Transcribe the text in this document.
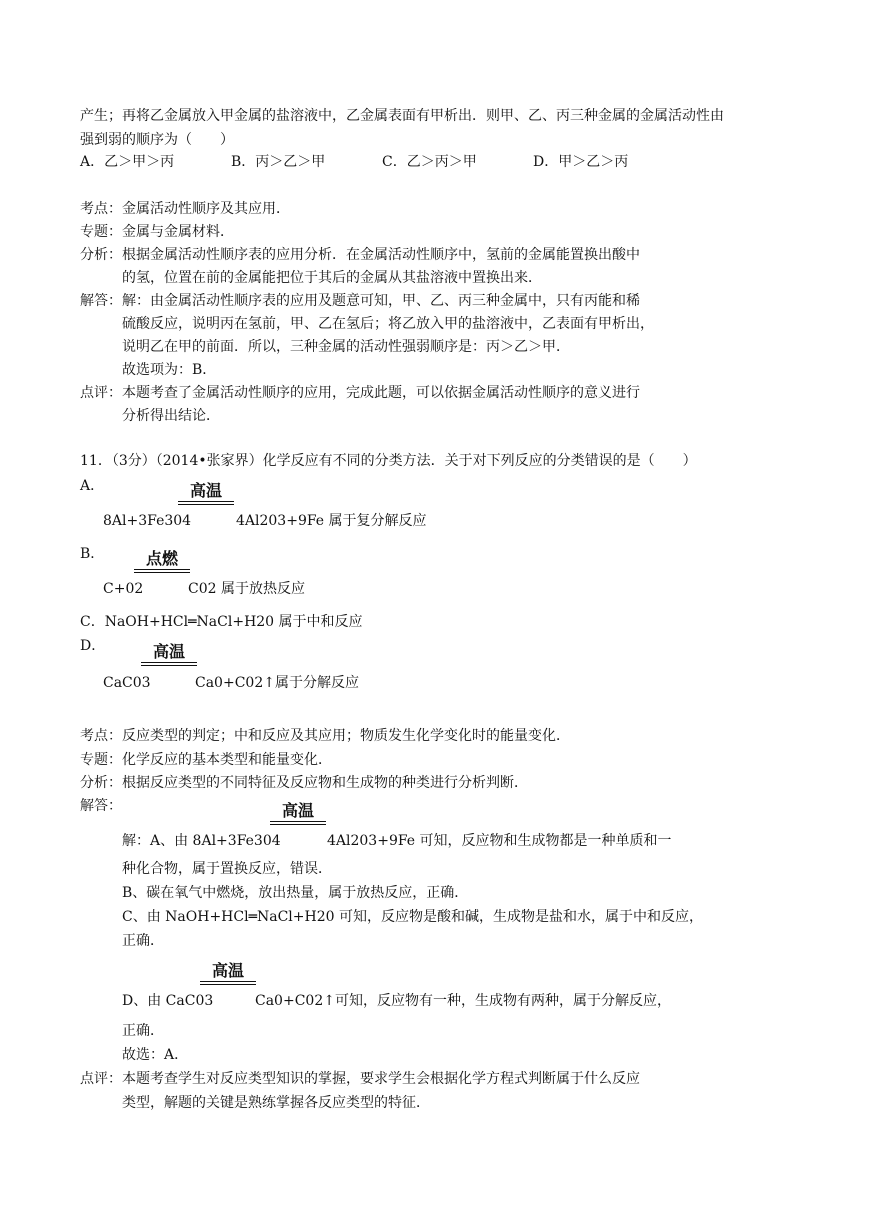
产生；再将乙金属放入甲金属的盐溶液中，乙金属表面有甲析出．则甲、乙、丙三种金属的金属活动性由
强到弱的顺序为（　　）
A．乙＞甲＞丙	B．丙＞乙＞甲	C．乙＞丙＞甲	D．甲＞乙＞丙
考点：金属活动性顺序及其应用．
专题：金属与金属材料．
分析：根据金属活动性顺序表的应用分析．在金属活动性顺序中，氢前的金属能置换出酸中
的氢，位置在前的金属能把位于其后的金属从其盐溶液中置换出来．
解答：解：由金属活动性顺序表的应用及题意可知，甲、乙、丙三种金属中，只有丙能和稀
硫酸反应，说明丙在氢前，甲、乙在氢后；将乙放入甲的盐溶液中，乙表面有甲析出，
说明乙在甲的前面．所以，三种金属的活动性强弱顺序是：丙＞乙＞甲．
故选项为：B．
点评：本题考查了金属活动性顺序的应用，完成此题，可以依据金属活动性顺序的意义进行
分析得出结论．
11．（3分）（2014•张家界）化学反应有不同的分类方法．关于对下列反应的分类错误的是（　　）
A．	高温
8Al+3Fe304	4Al203+9Fe 属于复分解反应
B．	点燃
C+02	C02 属于放热反应
C．NaOH+HCl═NaCl+H20 属于中和反应
D．	高温
CaC03	Ca0+C02↑属于分解反应
考点：反应类型的判定；中和反应及其应用；物质发生化学变化时的能量变化．
专题：化学反应的基本类型和能量变化．
分析：根据反应类型的不同特征及反应物和生成物的种类进行分析判断．
解答：	高温
解：A、由 8Al+3Fe304	4Al203+9Fe 可知，反应物和生成物都是一种单质和一
种化合物，属于置换反应，错误．
B、碳在氧气中燃烧，放出热量，属于放热反应，正确．
C、由 NaOH+HCl═NaCl+H20 可知，反应物是酸和碱，生成物是盐和水，属于中和反应，
正确．
高温
D、由 CaC03	Ca0+C02↑可知，反应物有一种，生成物有两种，属于分解反应，
正确．
故选：A．
点评：本题考查学生对反应类型知识的掌握，要求学生会根据化学方程式判断属于什么反应
类型，解题的关键是熟练掌握各反应类型的特征．
